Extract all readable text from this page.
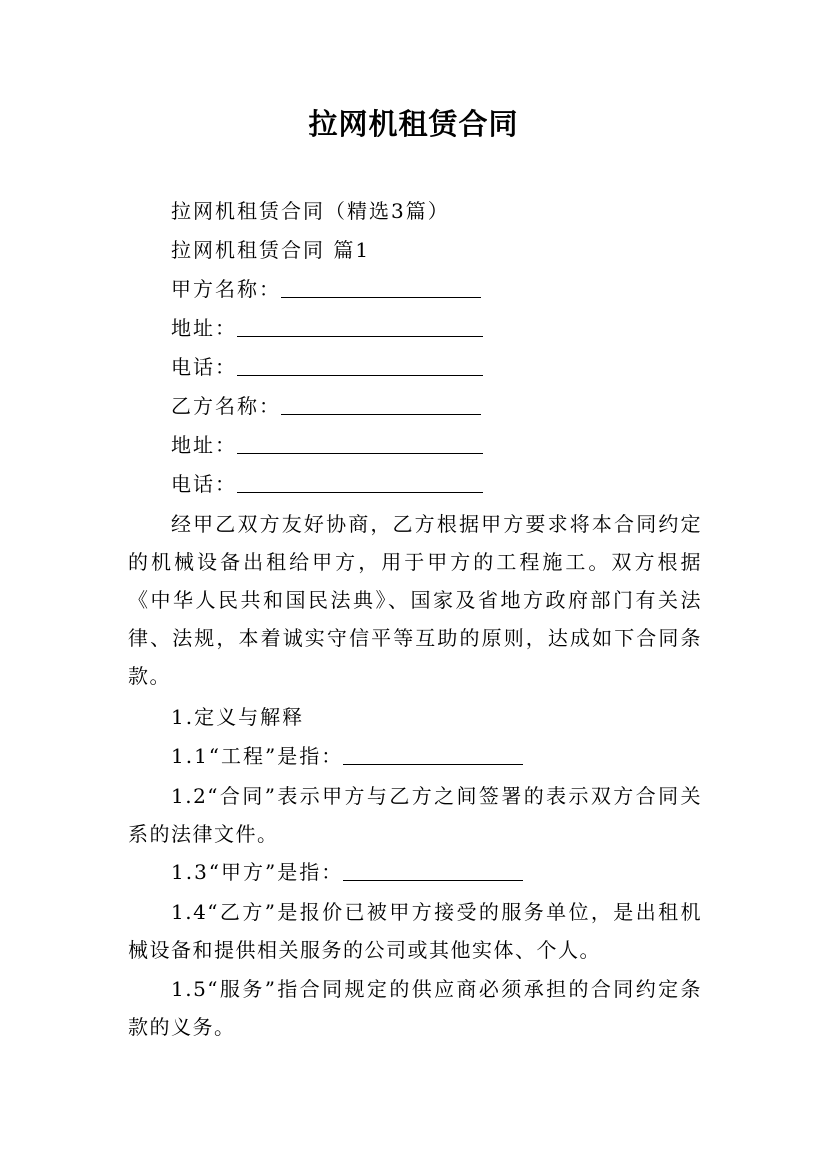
拉网机租赁合同
拉网机租赁合同（精选3篇）
拉网机租赁合同 篇1
甲方名称：
地址：
电话：
乙方名称：
地址：
电话：
经甲乙双方友好协商，乙方根据甲方要求将本合同约定的机械设备出租给甲方，用于甲方的工程施工。双方根据《中华人民共和国民法典》、国家及省地方政府部门有关法律、法规，本着诚实守信平等互助的原则，达成如下合同条款。
1.定义与解释
1.1“工程”是指：
1.2“合同”表示甲方与乙方之间签署的表示双方合同关系的法律文件。
1.3“甲方”是指：
1.4“乙方”是报价已被甲方接受的服务单位，是出租机械设备和提供相关服务的公司或其他实体、个人。
1.5“服务”指合同规定的供应商必须承担的合同约定条款的义务。
